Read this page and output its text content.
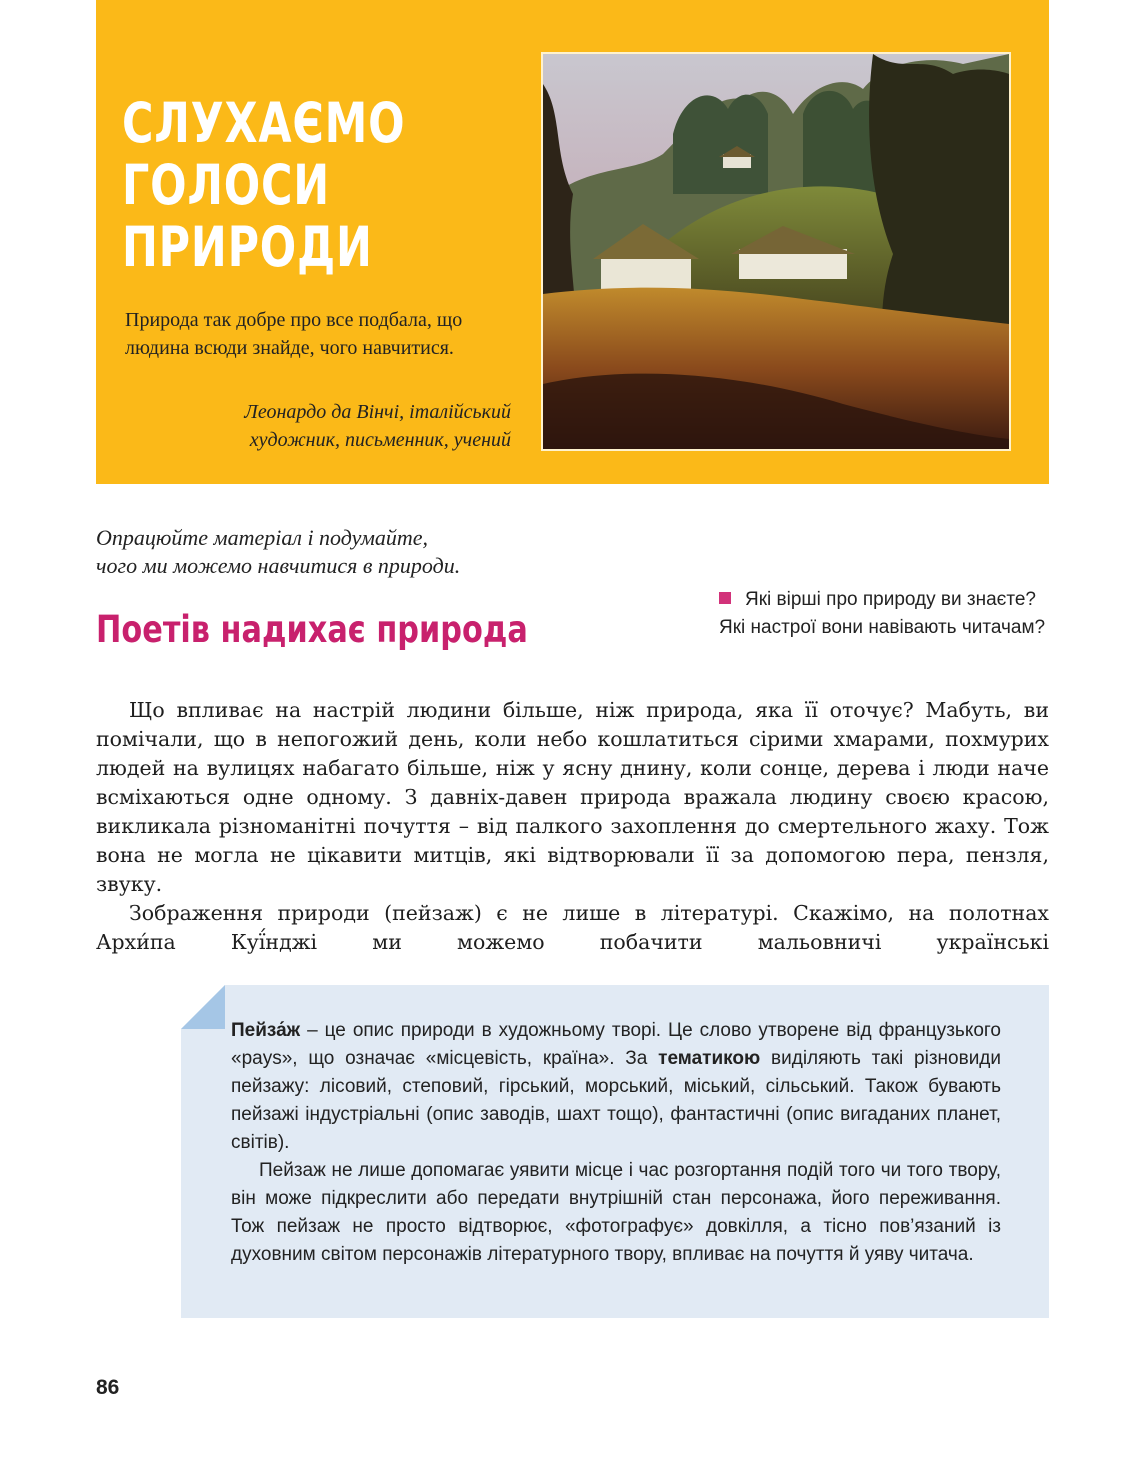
СЛУХАЄМО
ГОЛОСИ
ПРИРОДИ
Природа так добре про все подбала, що людина всюди знайде, чого навчитися.
Леонардо да Вінчі, італійський
художник, письменник, учений
Опрацюйте матеріал і подумайте,
чого ми можемо навчитися в природи.
Поетів надихає природа
Які вірші про природу ви знаєте? Які настрої вони навівають читачам?

Що впливає на настрій людини більше, ніж природа, яка її оточує? Мабуть, ви помічали, що в непогожий день, коли небо кошлатиться сірими хмарами, похмурих людей на вулицях набагато більше, ніж у ясну днину, коли сонце, дерева і люди наче всміхаються одне одному. З давніх-давен природа вражала людину своєю красою, викликала різноманітні почуття – від палкого захоплення до смертельного жаху. Тож вона не могла не цікавити митців, які відтворювали її за допомогою пера, пензля, звуку.

Зображення природи (пейзаж) є не лише в літературі. Скажімо, на полотнах Архи́па Куї́нджі ми можемо побачити мальовничі українські

Пейза́ж – це опис природи в художньому творі. Це слово утворене від французького «pays», що означає «місцевість, країна». За тематикою виділяють такі різновиди пейзажу: лісовий, степовий, гірський, морський, міський, сільський. Також бувають пейзажі індустріальні (опис заводів, шахт тощо), фантастичні (опис вигаданих планет, світів).

Пейзаж не лише допомагає уявити місце і час розгортання подій того чи того твору, він може підкреслити або передати внутрішній стан персонажа, його переживання. Тож пейзаж не просто відтворює, «фотографує» довкілля, а тісно пов’язаний із духовним світом персонажів літературного твору, впливає на почуття й уяву читача.

86
